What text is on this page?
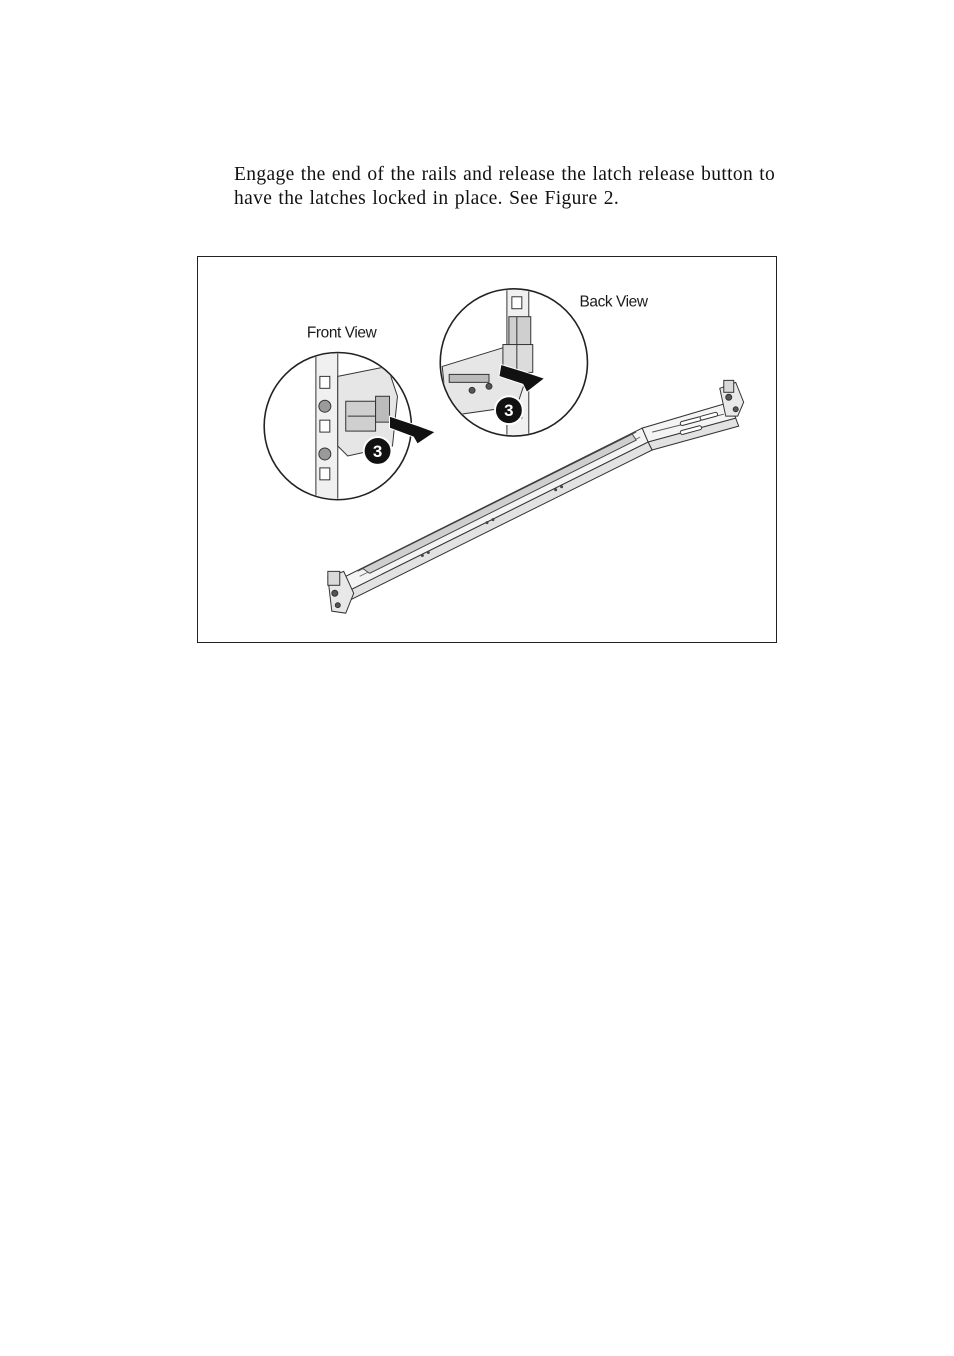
Engage the end of the rails and release the latch release button to
have the latches locked in place. See Figure 2.

3
Front View
3
Back View
